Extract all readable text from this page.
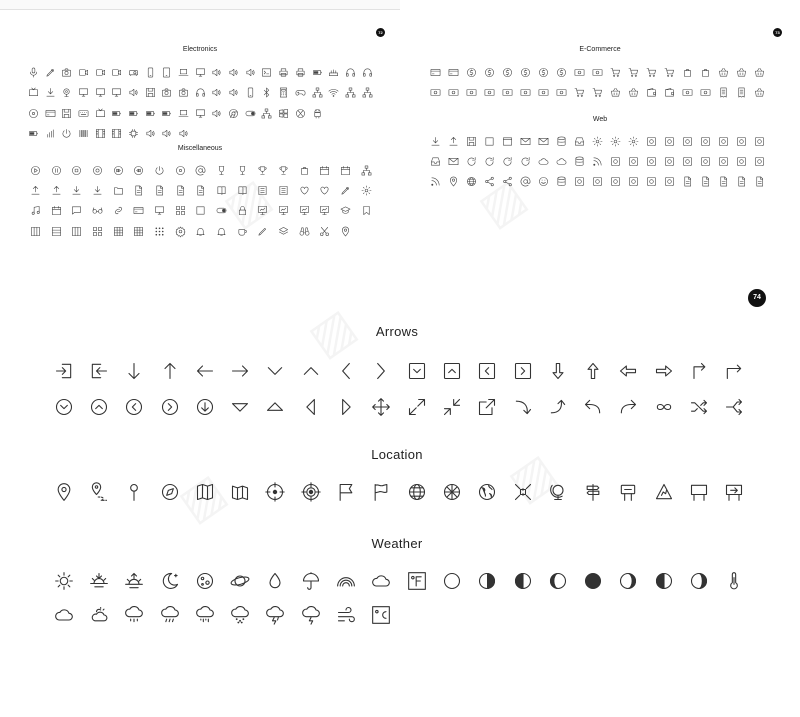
72	73
74
Electronics
Miscellaneous
E-Commerce
Web
Arrows
Location
Weather
